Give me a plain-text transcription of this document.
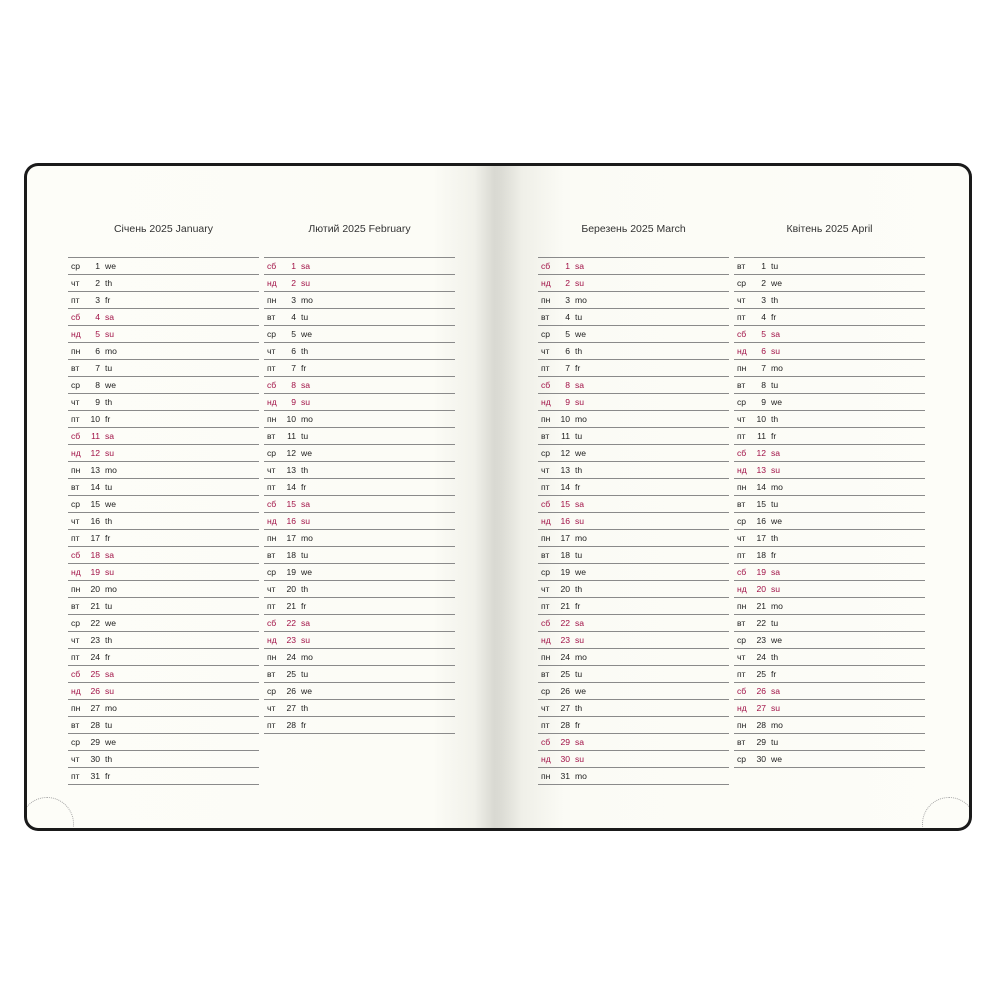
Січень 2025 January
ср	1 we
чт	2 th
пт	3 fr
сб	4 sa
нд	5 su
пн	6 mo
вт	7 tu
ср	8 we
чт	9 th
пт	10 fr
сб	11 sa
нд	12 su
пн	13 mo
вт	14 tu
ср	15 we
чт	16 th
пт	17 fr
сб	18 sa
нд	19 su
пн	20 mo
вт	21 tu
ср	22 we
чт	23 th
пт	24 fr
сб	25 sa
нд	26 su
пн	27 mo
вт	28 tu
ср	29 we
чт	30 th
пт	31 fr
Лютий 2025 February
сб	1 sa
нд	2 su
пн	3 mo
вт	4 tu
ср	5 we
чт	6 th
пт	7 fr
сб	8 sa
нд	9 su
пн	10 mo
вт	11 tu
ср	12 we
чт	13 th
пт	14 fr
сб	15 sa
нд	16 su
пн	17 mo
вт	18 tu
ср	19 we
чт	20 th
пт	21 fr
сб	22 sa
нд	23 su
пн	24 mo
вт	25 tu
ср	26 we
чт	27 th
пт	28 fr
Березень 2025 March
сб	1 sa
нд	2 su
пн	3 mo
вт	4 tu
ср	5 we
чт	6 th
пт	7 fr
сб	8 sa
нд	9 su
пн	10 mo
вт	11 tu
ср	12 we
чт	13 th
пт	14 fr
сб	15 sa
нд	16 su
пн	17 mo
вт	18 tu
ср	19 we
чт	20 th
пт	21 fr
сб	22 sa
нд	23 su
пн	24 mo
вт	25 tu
ср	26 we
чт	27 th
пт	28 fr
сб	29 sa
нд	30 su
пн	31 mo
Квітень 2025 April
вт	1 tu
ср	2 we
чт	3 th
пт	4 fr
сб	5 sa
нд	6 su
пн	7 mo
вт	8 tu
ср	9 we
чт	10 th
пт	11 fr
сб	12 sa
нд	13 su
пн	14 mo
вт	15 tu
ср	16 we
чт	17 th
пт	18 fr
сб	19 sa
нд	20 su
пн	21 mo
вт	22 tu
ср	23 we
чт	24 th
пт	25 fr
сб	26 sa
нд	27 su
пн	28 mo
вт	29 tu
ср	30 we
